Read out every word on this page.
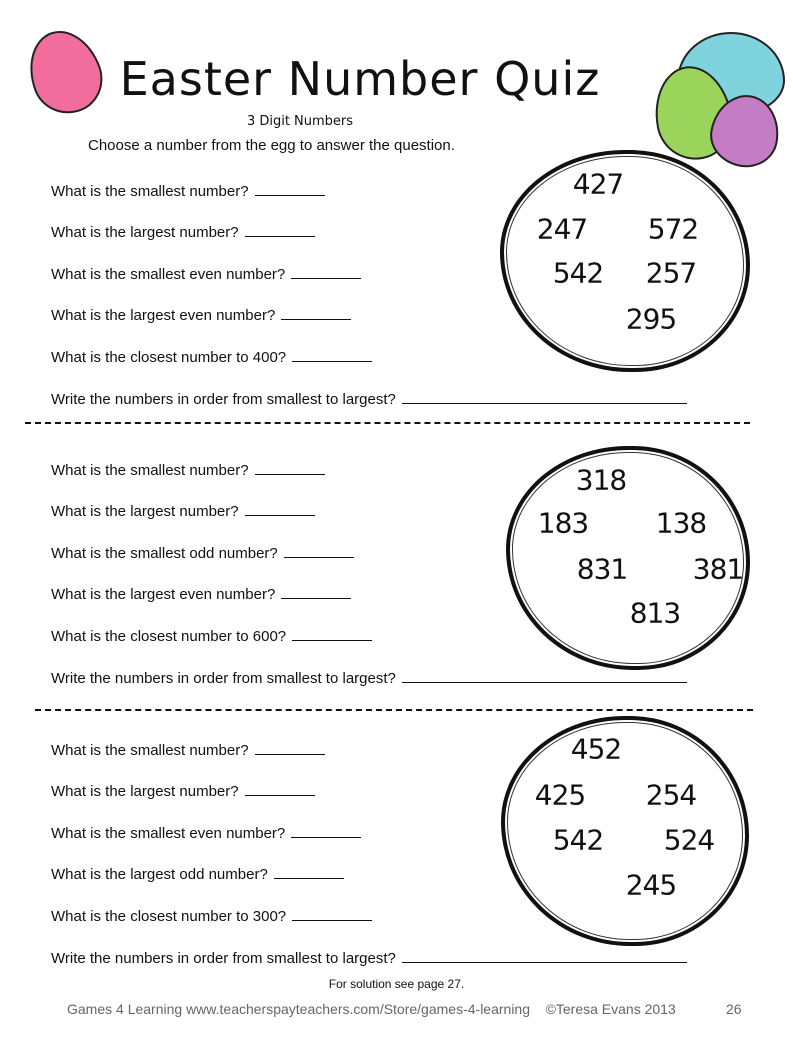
Easter Number Quiz
3 Digit Numbers
Choose a number from the egg to answer the question.
What is the smallest number?
What is the largest number?
What is the smallest even number?
What is the largest even number?
What is the closest number to 400?
Write the numbers in order from smallest to largest?
427
247 572
542 257
295
What is the smallest number?
What is the largest number?
What is the smallest odd number?
What is the largest even number?
What is the closest number to 600?
Write the numbers in order from smallest to largest?
318
183 138
831 381
813
What is the smallest number?
What is the largest number?
What is the smallest even number?
What is the largest odd number?
What is the closest number to 300?
Write the numbers in order from smallest to largest?
452
425 254
542 524
245
For solution see page 27.
Games 4 Learning www.teacherspayteachers.com/Store/games-4-learning    ©Teresa Evans 2013	26
